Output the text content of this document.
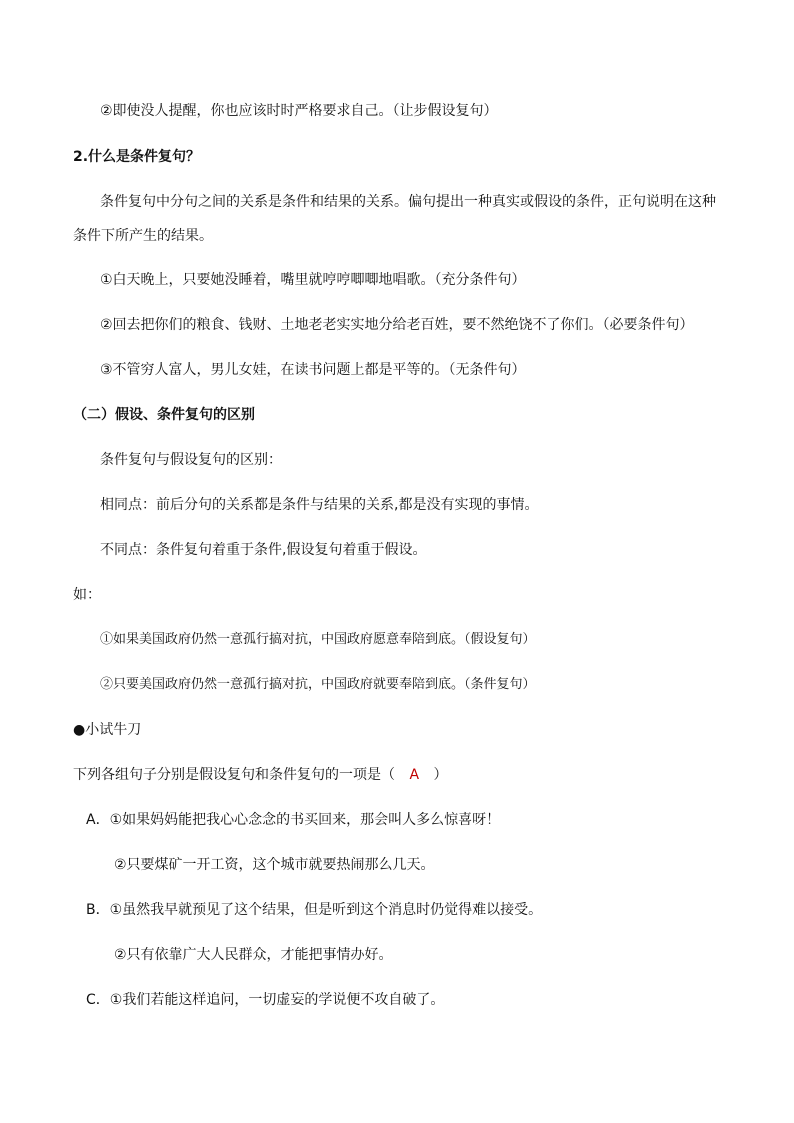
②即使没人提醒，你也应该时时严格要求自己。（让步假设复句）
2.什么是条件复句？
条件复句中分句之间的关系是条件和结果的关系。偏句提出一种真实或假设的条件，正句说明在这种
条件下所产生的结果。
①白天晚上，只要她没睡着，嘴里就哼哼唧唧地唱歌。（充分条件句）
②回去把你们的粮食、钱财、土地老老实实地分给老百姓，要不然绝饶不了你们。（必要条件句）
③不管穷人富人，男儿女娃，在读书问题上都是平等的。（无条件句）
（二）假设、条件复句的区别
条件复句与假设复句的区别：
相同点：前后分句的关系都是条件与结果的关系,都是没有实现的事情。
不同点：条件复句着重于条件,假设复句着重于假设。
如：
①如果美国政府仍然一意孤行搞对抗，中国政府愿意奉陪到底。（假设复句）
②只要美国政府仍然一意孤行搞对抗，中国政府就要奉陪到底。（条件复句）
●小试牛刀
下列各组句子分别是假设复句和条件复句的一项是（ A ）
A．①如果妈妈能把我心心念念的书买回来，那会叫人多么惊喜呀！
②只要煤矿一开工资，这个城市就要热闹那么几天。
B．①虽然我早就预见了这个结果，但是听到这个消息时仍觉得难以接受。
②只有依靠广大人民群众，才能把事情办好。
C．①我们若能这样追问，一切虚妄的学说便不攻自破了。
